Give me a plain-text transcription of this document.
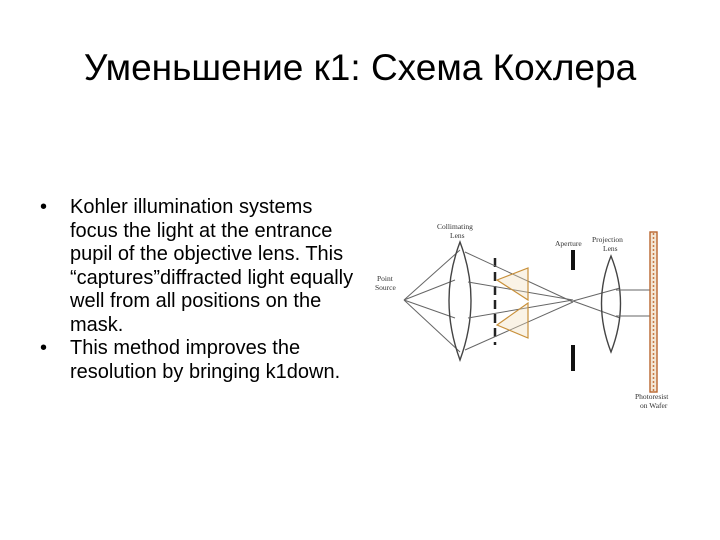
Уменьшение к1: Схема Кохлера
• Kohler illumination systems focus the light at the entrance pupil of the objective lens. This “captures”diffracted light equally well from all positions on the mask.
• This method improves the resolution by bringing k1down.
Point
Source
Collimating
Lens
Aperture Projection
Lens
Photoresist
on Wafer
